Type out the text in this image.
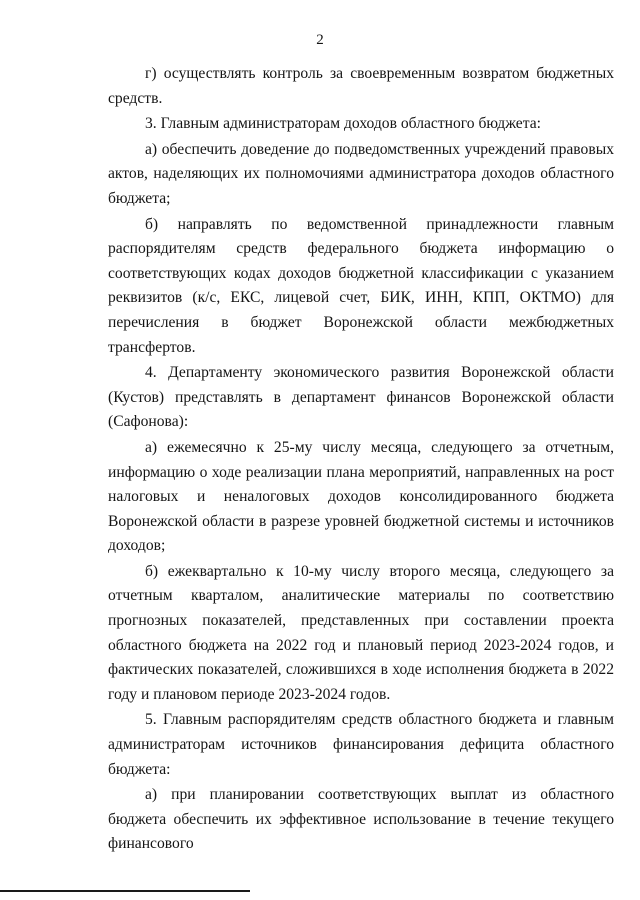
2

г) осуществлять контроль за своевременным возвратом бюджетных средств.

3. Главным администраторам доходов областного бюджета:

а) обеспечить доведение до подведомственных учреждений правовых актов, наделяющих их полномочиями администратора доходов областного бюджета;

б) направлять по ведомственной принадлежности главным распорядителям средств федерального бюджета информацию о соответствующих кодах доходов бюджетной классификации с указанием реквизитов (к/с, ЕКС, лицевой счет, БИК, ИНН, КПП, ОКТМО) для перечисления в бюджет Воронежской области межбюджетных трансфертов.

4. Департаменту экономического развития Воронежской области (Кустов) представлять в департамент финансов Воронежской области (Сафонова):

а) ежемесячно к 25-му числу месяца, следующего за отчетным, информацию о ходе реализации плана мероприятий, направленных на рост налоговых и неналоговых доходов консолидированного бюджета Воронежской области в разрезе уровней бюджетной системы и источников доходов;

б) ежеквартально к 10-му числу второго месяца, следующего за отчетным кварталом, аналитические материалы по соответствию прогнозных показателей, представленных при составлении проекта областного бюджета на 2022 год и плановый период 2023-2024 годов, и фактических показателей, сложившихся в ходе исполнения бюджета в 2022 году и плановом периоде 2023-2024 годов.

5. Главным распорядителям средств областного бюджета и главным администраторам источников финансирования дефицита областного бюджета:

а) при планировании соответствующих выплат из областного бюджета обеспечить их эффективное использование в течение текущего финансового
